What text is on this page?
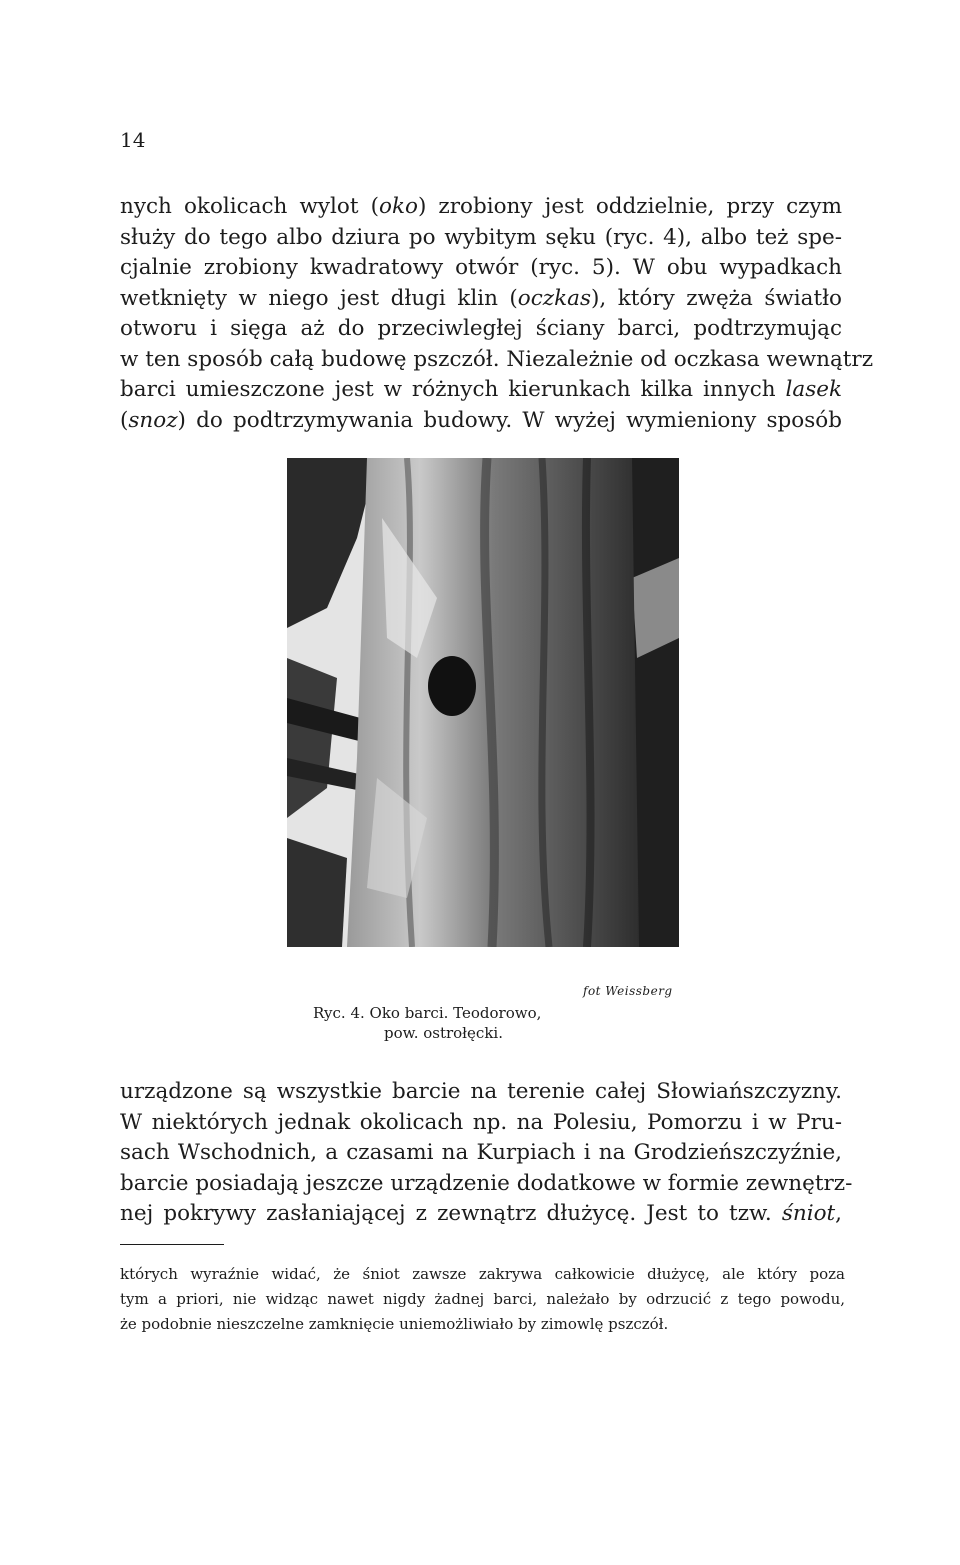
14
nych okolicach wylot (oko) zrobiony jest oddzielnie, przy czym
służy do tego albo dziura po wybitym sęku (ryc. 4), albo też spe-
cjalnie zrobiony kwadratowy otwór (ryc. 5). W obu wypadkach
wetknięty w niego jest długi klin (oczkas), który zwęża światło
otworu i sięga aż do przeciwległej ściany barci, podtrzymując
w ten sposób całą budowę pszczół. Niezależnie od oczkasa wewnątrz
barci umieszczone jest w różnych kierunkach kilka innych lasek
(snoz) do podtrzymywania budowy. W wyżej wymieniony sposób
fot Weissberg
Ryc. 4. Oko barci. Teodorowo,
pow. ostrołęcki.
urządzone są wszystkie barcie na terenie całej Słowiańszczyzny.
W niektórych jednak okolicach np. na Polesiu, Pomorzu i w Pru-
sach Wschodnich, a czasami na Kurpiach i na Grodzieńszczyźnie,
barcie posiadają jeszcze urządzenie dodatkowe w formie zewnętrz-
nej pokrywy zasłaniającej z zewnątrz dłużycę. Jest to tzw. śniot,
których wyraźnie widać, że śniot zawsze zakrywa całkowicie dłużycę, ale który poza
tym a priori, nie widząc nawet nigdy żadnej barci, należało by odrzucić z tego powodu,
że podobnie nieszczelne zamknięcie uniemożliwiało by zimowlę pszczół.
